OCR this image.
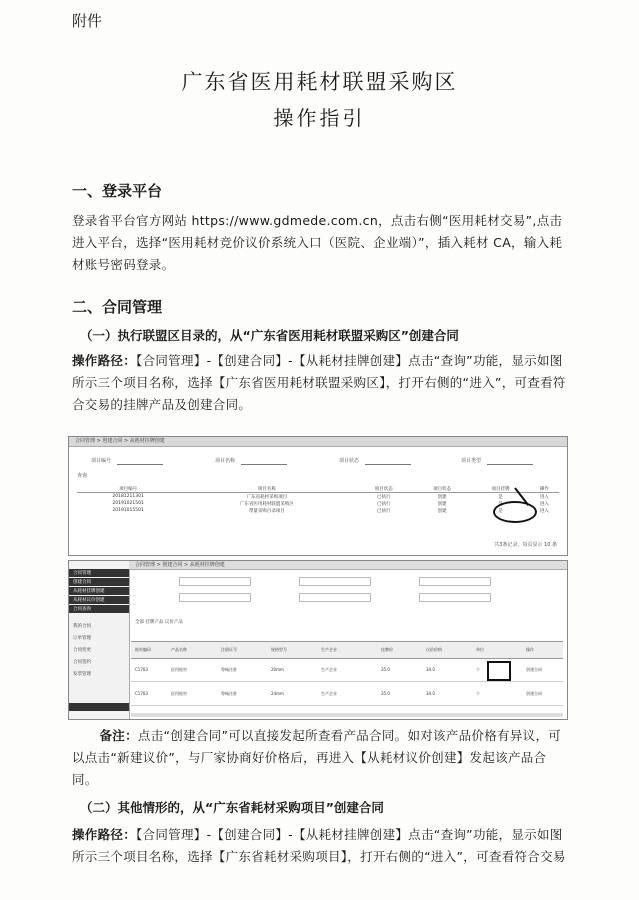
附件
广东省医用耗材联盟采购区
操作指引
一、登录平台
登录省平台官方网站 https://www.gdmede.com.cn，点击右侧“医用耗材交易”,点击进入平台，选择“医用耗材竞价议价系统入口（医院、企业端）”，插入耗材 CA，输入耗材账号密码登录。
二、合同管理
（一）执行联盟区目录的，从“广东省医用耗材联盟采购区”创建合同
操作路径：【合同管理】-【创建合同】-【从耗材挂牌创建】点击“查询”功能，显示如图所示三个项目名称，选择【广东省医用耗材联盟采购区】，打开右侧的“进入”，可查看符合交易的挂牌产品及创建合同。
合同管理 > 创建合同 > 从耗材挂牌创建
项目编号	项目名称	项目状态	项目类型
查询
项目编号	项目名称	项目状态	项目状态	项目挂牌	操作
20181211301	广东省耗材采购项目	已执行	创建	是	进入
20191021501	广东省医用耗材联盟采购区	已执行	创建	是	进入
20191015501	带量采购目录项目	已执行	创建	是	进入
共3条记录，每页显示 10 条
合同管理
创建合同
从耗材挂牌创建
从耗材议价创建
合同查询
我的合同
订单管理
合同变更
合同签约
发票管理
合同管理 > 创建合同 > 从耗材挂牌创建
全部 挂牌产品 议价产品
耗材编码	产品名称	注册证号	规格型号	生产企业	挂牌价	议价价格	单位	操作
C1703	医用耗材	粤械注准	20mm	生产企业	35.0	34.0	个	创建合同
C1703	医用耗材	粤械注准	24mm	生产企业	35.0	34.0	个	创建合同
备注：点击“创建合同”可以直接发起所查看产品合同。如对该产品价格有异议，可以点击“新建议价”，与厂家协商好价格后，再进入【从耗材议价创建】发起该产品合同。
（二）其他情形的，从“广东省耗材采购项目”创建合同
操作路径：【合同管理】-【创建合同】-【从耗材挂牌创建】点击“查询”功能，显示如图所示三个项目名称，选择【广东省耗材采购项目】，打开右侧的“进入”，可查看符合交易
